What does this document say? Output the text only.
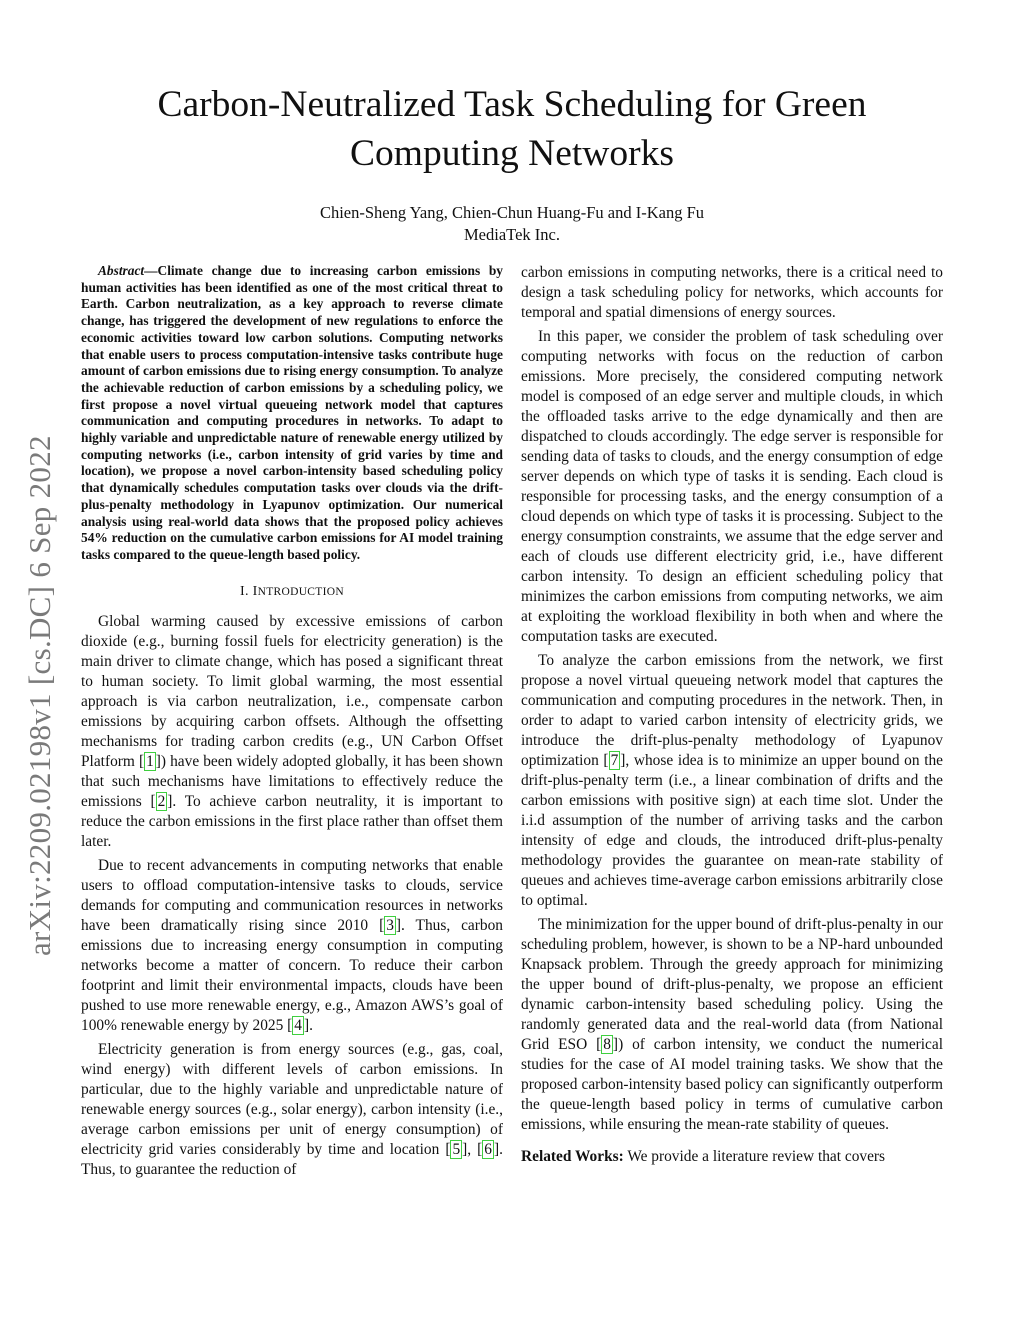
arXiv:2209.02198v1 [cs.DC] 6 Sep 2022
Carbon-Neutralized Task Scheduling for Green
Computing Networks
Chien-Sheng Yang, Chien-Chun Huang-Fu and I-Kang Fu
MediaTek Inc.

Abstract—Climate change due to increasing carbon emissions by human activities has been identified as one of the most critical threat to Earth. Carbon neutralization, as a key approach to reverse climate change, has triggered the development of new regulations to enforce the economic activities toward low carbon solutions. Computing networks that enable users to process computation-intensive tasks contribute huge amount of carbon emissions due to rising energy consumption. To analyze the achievable reduction of carbon emissions by a scheduling policy, we first propose a novel virtual queueing network model that captures communication and computing procedures in networks. To adapt to highly variable and unpredictable nature of renewable energy utilized by computing networks (i.e., carbon intensity of grid varies by time and location), we propose a novel carbon-intensity based scheduling policy that dynamically schedules computation tasks over clouds via the drift-plus-penalty methodology in Lyapunov optimization. Our numerical analysis using real-world data shows that the proposed policy achieves 54% reduction on the cumulative carbon emissions for AI model training tasks compared to the queue-length based policy.

I. INTRODUCTION

Global warming caused by excessive emissions of carbon dioxide (e.g., burning fossil fuels for electricity generation) is the main driver to climate change, which has posed a significant threat to human society. To limit global warming, the most essential approach is via carbon neutralization, i.e., compensate carbon emissions by acquiring carbon offsets. Although the offsetting mechanisms for trading carbon credits (e.g., UN Carbon Offset Platform [ 1 ]) have been widely adopted globally, it has been shown that such mechanisms have limitations to effectively reduce the emissions [ 2 ]. To achieve carbon neutrality, it is important to reduce the carbon emissions in the first place rather than offset them later.

Due to recent advancements in computing networks that enable users to offload computation-intensive tasks to clouds, service demands for computing and communication resources in networks have been dramatically rising since 2010 [ 3 ]. Thus, carbon emissions due to increasing energy consumption in computing networks become a matter of concern. To reduce their carbon footprint and limit their environmental impacts, clouds have been pushed to use more renewable energy, e.g., Amazon AWS’s goal of 100% renewable energy by 2025 [ 4 ].

Electricity generation is from energy sources (e.g., gas, coal, wind energy) with different levels of carbon emissions. In particular, due to the highly variable and unpredictable nature of renewable energy sources (e.g., solar energy), carbon intensity (i.e., average carbon emissions per unit of energy consumption) of electricity grid varies considerably by time and location [ 5 ], [ 6 ]. Thus, to guarantee the reduction of

carbon emissions in computing networks, there is a critical need to design a task scheduling policy for networks, which accounts for temporal and spatial dimensions of energy sources.

In this paper, we consider the problem of task scheduling over computing networks with focus on the reduction of carbon emissions. More precisely, the considered computing network model is composed of an edge server and multiple clouds, in which the offloaded tasks arrive to the edge dynamically and then are dispatched to clouds accordingly. The edge server is responsible for sending data of tasks to clouds, and the energy consumption of edge server depends on which type of tasks it is sending. Each cloud is responsible for processing tasks, and the energy consumption of a cloud depends on which type of tasks it is processing. Subject to the energy consumption constraints, we assume that the edge server and each of clouds use different electricity grid, i.e., have different carbon intensity. To design an efficient scheduling policy that minimizes the carbon emissions from computing networks, we aim at exploiting the workload flexibility in both when and where the computation tasks are executed.

To analyze the carbon emissions from the network, we first propose a novel virtual queueing network model that captures the communication and computing procedures in the network. Then, in order to adapt to varied carbon intensity of electricity grids, we introduce the drift-plus-penalty methodology of Lyapunov optimization [ 7 ], whose idea is to minimize an upper bound on the drift-plus-penalty term (i.e., a linear combination of drifts and the carbon emissions with positive sign) at each time slot. Under the i.i.d assumption of the number of arriving tasks and the carbon intensity of edge and clouds, the introduced drift-plus-penalty methodology provides the guarantee on mean-rate stability of queues and achieves time-average carbon emissions arbitrarily close to optimal.

The minimization for the upper bound of drift-plus-penalty in our scheduling problem, however, is shown to be a NP-hard unbounded Knapsack problem. Through the greedy approach for minimizing the upper bound of drift-plus-penalty, we propose an efficient dynamic carbon-intensity based scheduling policy. Using the randomly generated data and the real-world data (from National Grid ESO [ 8 ]) of carbon intensity, we conduct the numerical studies for the case of AI model training tasks. We show that the proposed carbon-intensity based policy can significantly outperform the queue-length based policy in terms of cumulative carbon emissions, while ensuring the mean-rate stability of queues.

Related Works: We provide a literature review that covers
